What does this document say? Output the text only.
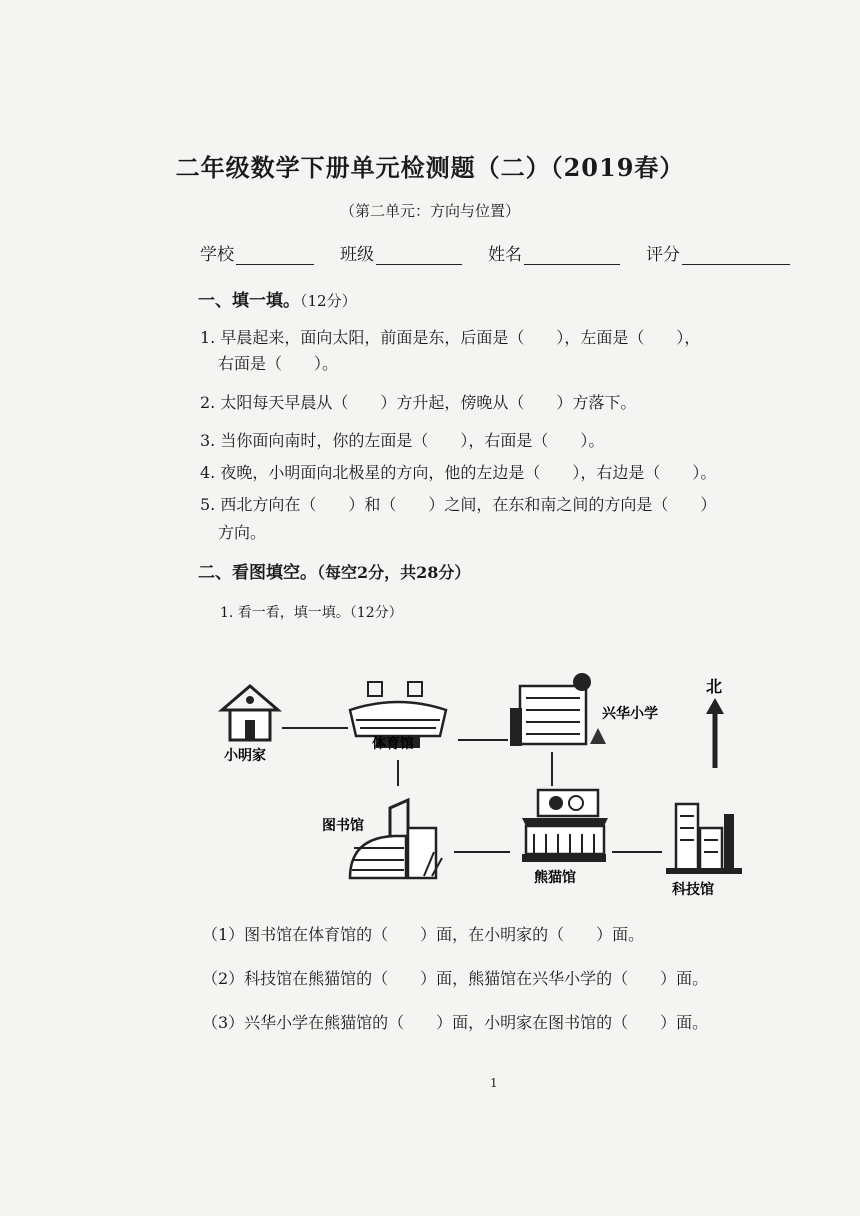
二年级数学下册单元检测题（二）（2019春）
（第二单元：方向与位置）
学校	班级	姓名	评分
一、填一填。（12分）
1. 早晨起来，面向太阳，前面是东，后面是（　　），左面是（　　），
右面是（　　）。
2. 太阳每天早晨从（　　）方升起，傍晚从（　　）方落下。
3. 当你面向南时，你的左面是（　　），右面是（　　）。
4. 夜晚，小明面向北极星的方向，他的左边是（　　），右边是（　　）。
5. 西北方向在（　　）和（　　）之间，在东和南之间的方向是（　　）
方向。
二、看图填空。（每空2分，共28分）
1. 看一看，填一填。（12分）
小明家
体育馆
兴华小学
北
图书馆
熊猫馆
科技馆
（1）图书馆在体育馆的（　　）面，在小明家的（　　）面。
（2）科技馆在熊猫馆的（　　）面，熊猫馆在兴华小学的（　　）面。
（3）兴华小学在熊猫馆的（　　）面，小明家在图书馆的（　　）面。
1
